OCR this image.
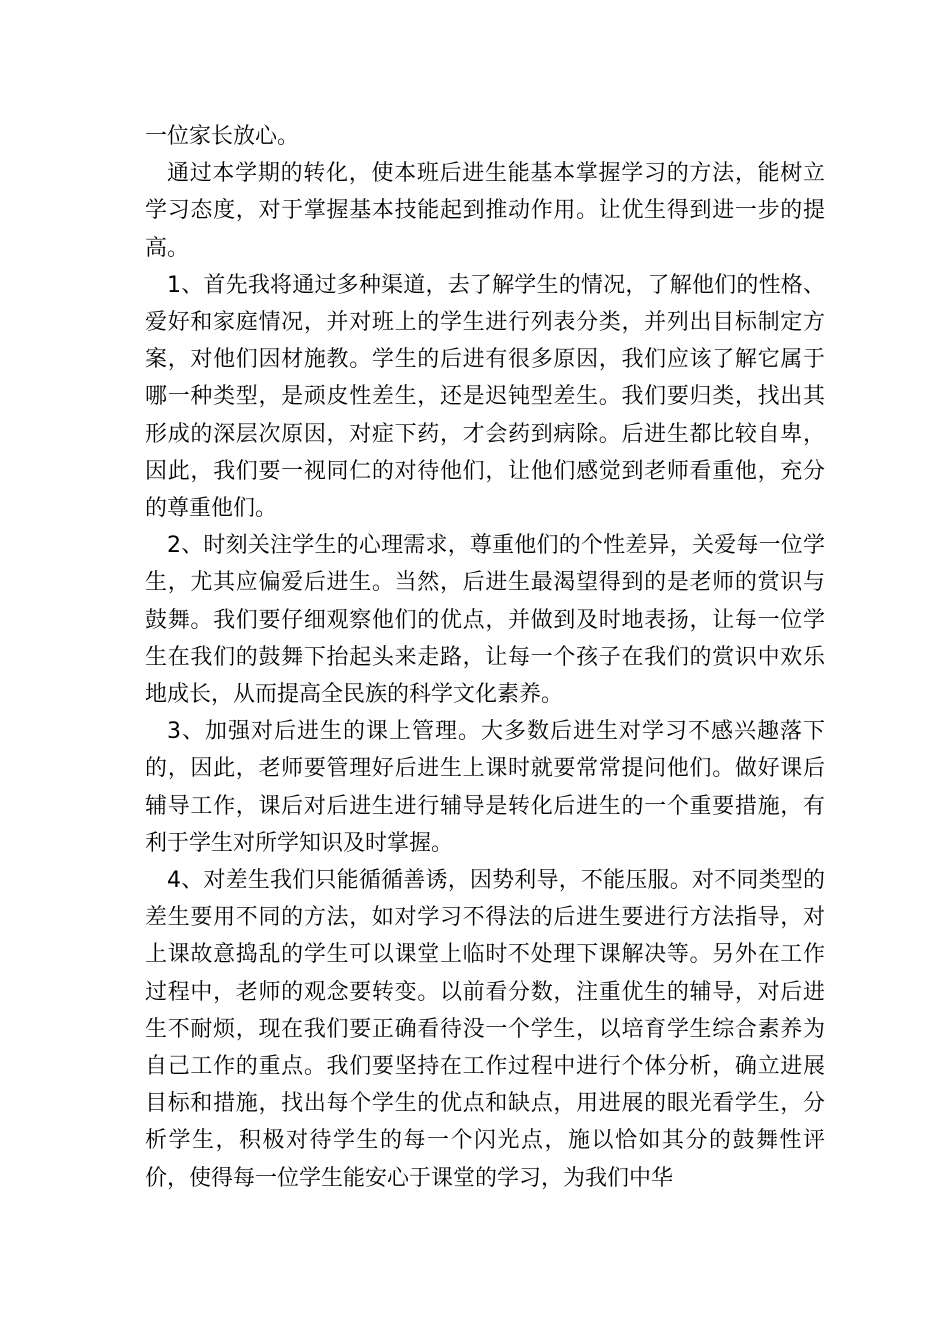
一位家长放心。

通过本学期的转化，使本班后进生能基本掌握学习的方法，能树立学习态度，对于掌握基本技能起到推动作用。让优生得到进一步的提高。

1、首先我将通过多种渠道，去了解学生的情况，了解他们的性格、爱好和家庭情况，并对班上的学生进行列表分类，并列出目标制定方案，对他们因材施教。学生的后进有很多原因，我们应该了解它属于哪一种类型，是顽皮性差生，还是迟钝型差生。我们要归类，找出其形成的深层次原因，对症下药，才会药到病除。后进生都比较自卑，因此，我们要一视同仁的对待他们，让他们感觉到老师看重他，充分的尊重他们。

2、时刻关注学生的心理需求，尊重他们的个性差异，关爱每一位学生，尤其应偏爱后进生。当然，后进生最渴望得到的是老师的赏识与鼓舞。我们要仔细观察他们的优点，并做到及时地表扬，让每一位学生在我们的鼓舞下抬起头来走路，让每一个孩子在我们的赏识中欢乐地成长，从而提高全民族的科学文化素养。

3、加强对后进生的课上管理。大多数后进生对学习不感兴趣落下的，因此，老师要管理好后进生上课时就要常常提问他们。做好课后辅导工作，课后对后进生进行辅导是转化后进生的一个重要措施，有利于学生对所学知识及时掌握。

4、对差生我们只能循循善诱，因势利导，不能压服。对不同类型的差生要用不同的方法，如对学习不得法的后进生要进行方法指导，对上课故意捣乱的学生可以课堂上临时不处理下课解决等。另外在工作过程中，老师的观念要转变。以前看分数，注重优生的辅导，对后进生不耐烦，现在我们要正确看待没一个学生，以培育学生综合素养为自己工作的重点。我们要坚持在工作过程中进行个体分析，确立进展目标和措施，找出每个学生的优点和缺点，用进展的眼光看学生，分析学生，积极对待学生的每一个闪光点，施以恰如其分的鼓舞性评价，使得每一位学生能安心于课堂的学习，为我们中华
